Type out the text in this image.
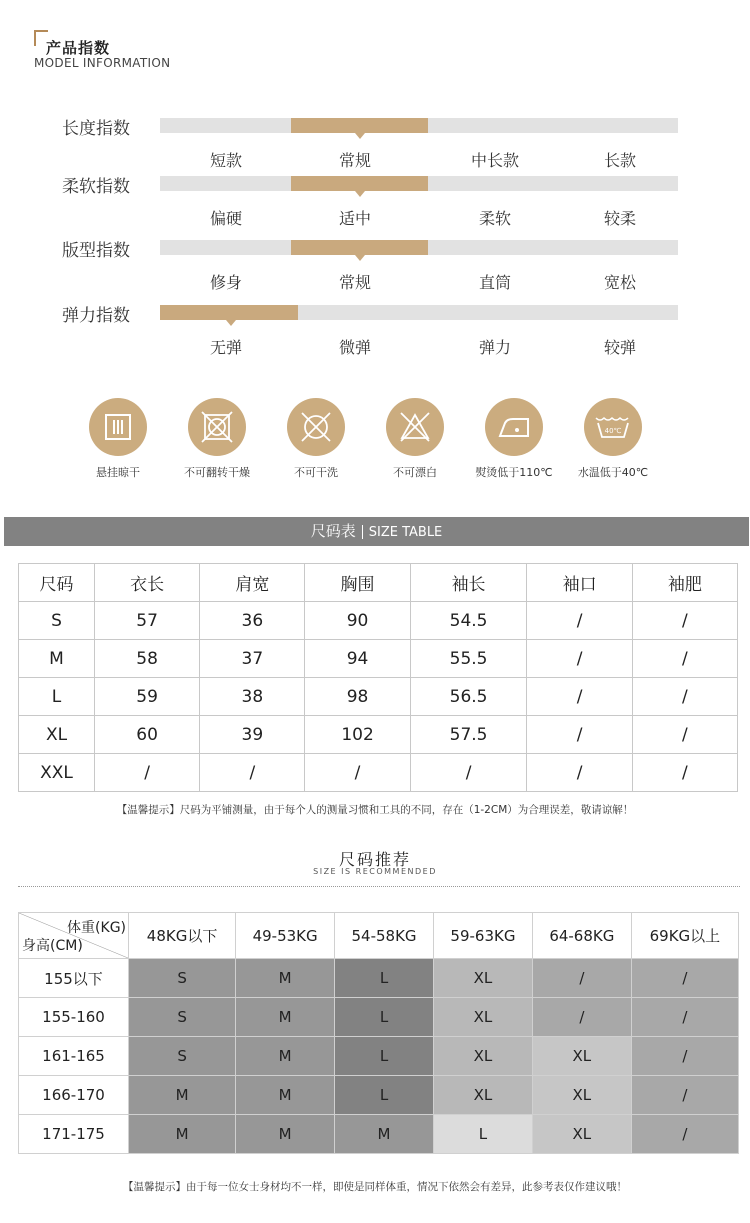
产品指数
MODEL INFORMATION
长度指数
短款	常规	中长款	长款
柔软指数
偏硬	适中	柔软	较柔
版型指数
修身	常规	直筒	宽松
弹力指数
无弹	微弹	弹力	较弹
悬挂晾干	不可翻转干燥	不可干洗	不可漂白	熨烫低于110℃
40℃
水温低于40℃
尺码表 SIZE TABLE
尺码	衣长	肩宽	胸围	袖长	袖口	袖肥
S	57	36	90	54.5	/	/
M	58	37	94	55.5	/	/
L	59	38	98	56.5	/	/
XL	60	39	102	57.5	/	/
XXL	/	/	/	/	/	/
【温馨提示】尺码为平铺测量，由于每个人的测量习惯和工具的不同，存在（1-2CM）为合理误差，敬请谅解！
尺码推荐
SIZE IS RECOMMENDED
体重(KG)
身高(CM)	48KG以下	49-53KG	54-58KG	59-63KG	64-68KG	69KG以上
155以下	S	M	L	XL	/	/
155-160	S	M	L	XL	/	/
161-165	S	M	L	XL	XL	/
166-170	M	M	L	XL	XL	/
171-175	M	M	M	L	XL	/
【温馨提示】由于每一位女士身材均不一样，即使是同样体重，情况下依然会有差异，此参考表仅作建议哦！
